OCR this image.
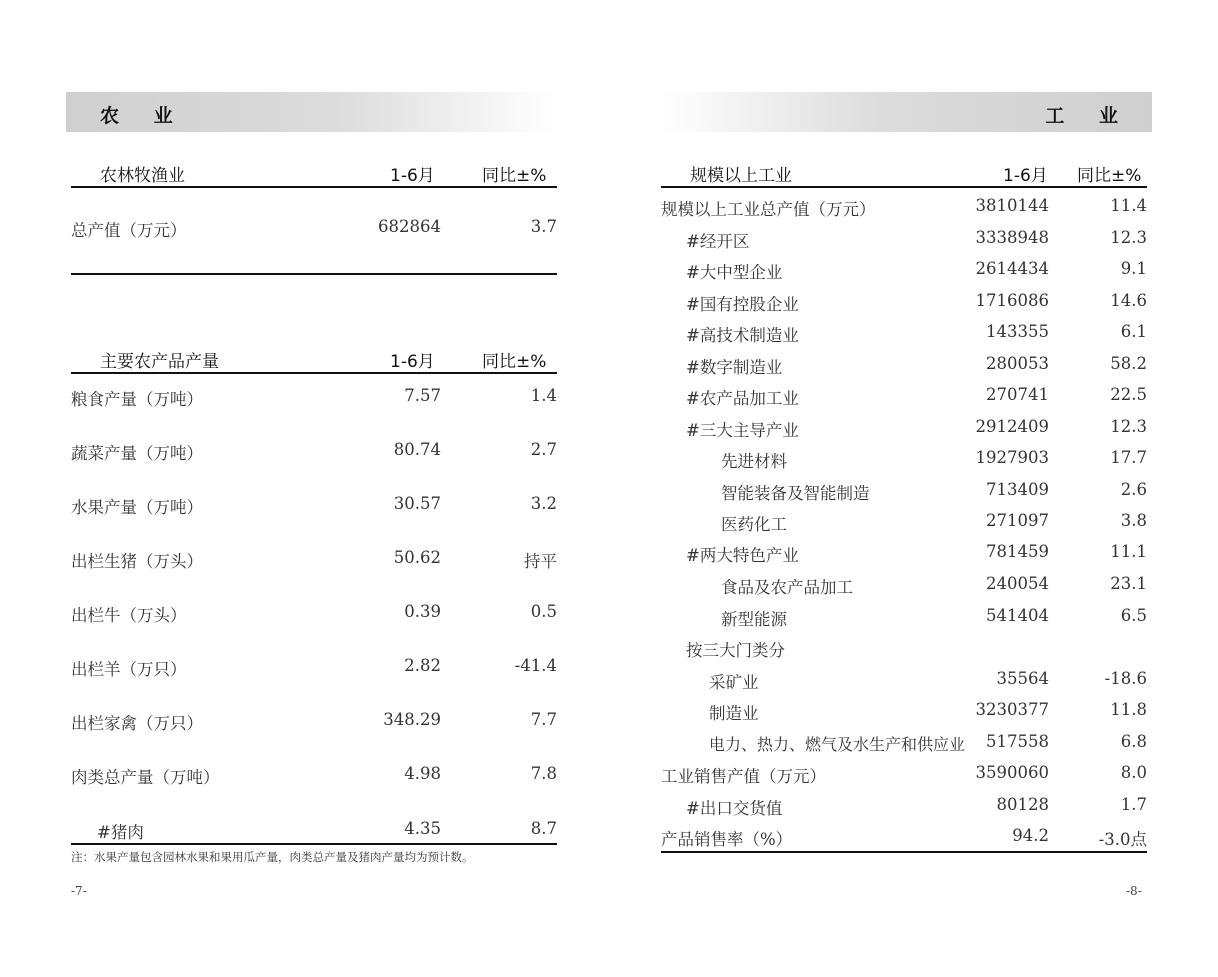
农 业
农林牧渔业	1-6月	同比±%
总产值（万元）	682864	3.7
主要农产品产量	1-6月	同比±%
粮食产量（万吨）	7.57	1.4
蔬菜产量（万吨）	80.74	2.7
水果产量（万吨）	30.57	3.2
出栏生猪（万头）	50.62	持平
出栏牛（万头）	0.39	0.5
出栏羊（万只）	2.82	-41.4
出栏家禽（万只）	348.29	7.7
肉类总产量（万吨）	4.98	7.8
#猪肉	4.35	8.7
注：水果产量包含园林水果和果用瓜产量，肉类总产量及猪肉产量均为预计数。
-7-
工 业
规模以上工业	1-6月 同比±%
规模以上工业总产值（万元）	3810144	11.4
#经开区	3338948	12.3
#大中型企业	2614434	9.1
#国有控股企业	1716086	14.6
#高技术制造业	143355	6.1
#数字制造业	280053	58.2
#农产品加工业	270741	22.5
#三大主导产业	2912409	12.3
先进材料	1927903	17.7
智能装备及智能制造	713409	2.6
医药化工	271097	3.8
#两大特色产业	781459	11.1
食品及农产品加工	240054	23.1
新型能源	541404	6.5
按三大门类分
采矿业	35564	-18.6
制造业	3230377	11.8
电力、热力、燃气及水生产和供应业 517558	6.8
工业销售产值（万元）	3590060	8.0
#出口交货值	80128	1.7
产品销售率（%）	94.2	-3.0点
-8-
